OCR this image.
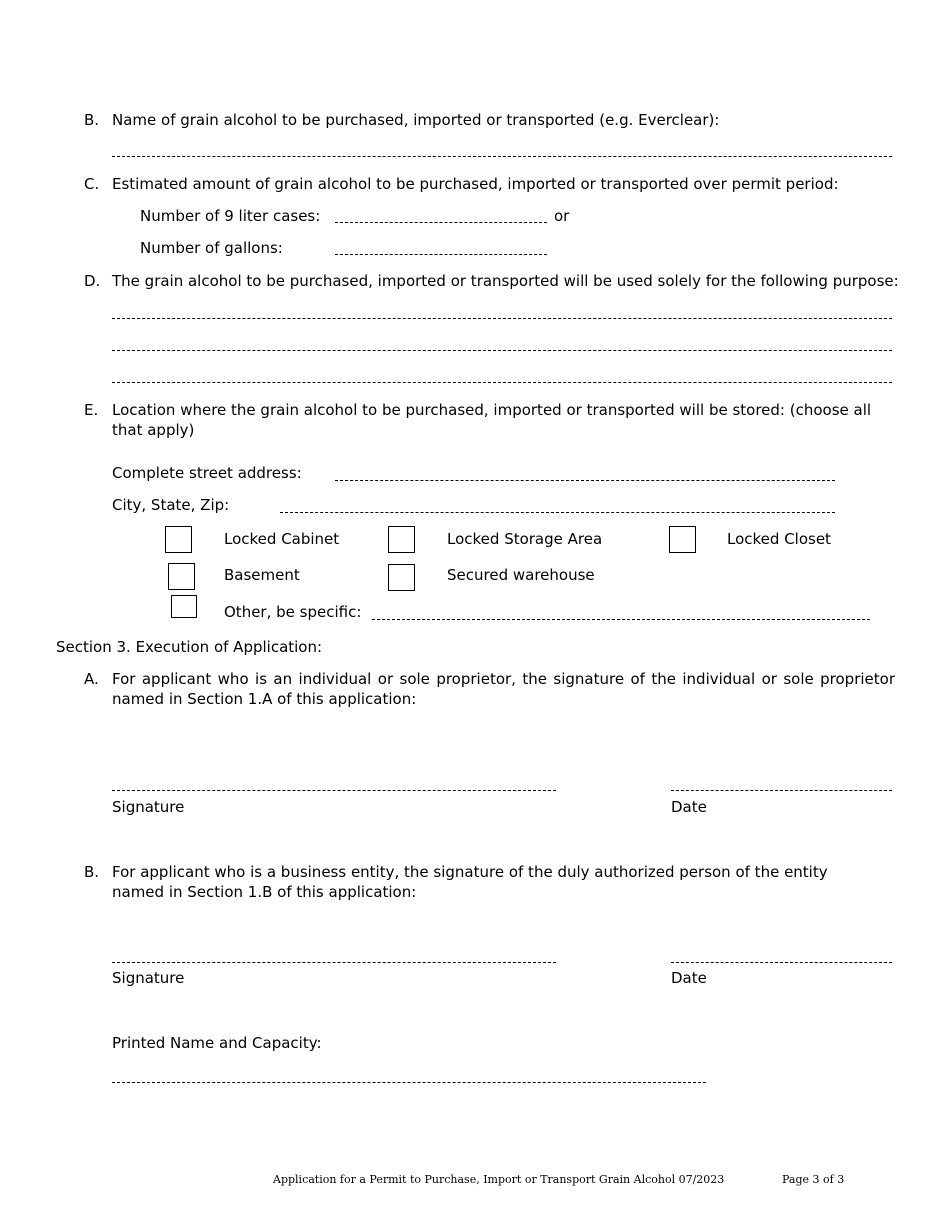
B. Name of grain alcohol to be purchased, imported or transported (e.g. Everclear):
C. Estimated amount of grain alcohol to be purchased, imported or transported over permit period:
Number of 9 liter cases:	or
Number of gallons:
D. The grain alcohol to be purchased, imported or transported will be used solely for the following purpose:
E. Location where the grain alcohol to be purchased, imported or transported will be stored: (choose all that apply)
Complete street address:
City, State, Zip:
Locked Cabinet	Locked Storage Area	Locked Closet
Basement	Secured warehouse
Other, be specific:
Section 3. Execution of Application:
A. For applicant who is an individual or sole proprietor, the signature of the individual or sole proprietor named in Section 1.A of this application:
Signature	Date
B. For applicant who is a business entity, the signature of the duly authorized person of the entity named in Section 1.B of this application:
Signature	Date
Printed Name and Capacity:
Application for a Permit to Purchase, Import or Transport Grain Alcohol 07/2023	Page 3 of 3
